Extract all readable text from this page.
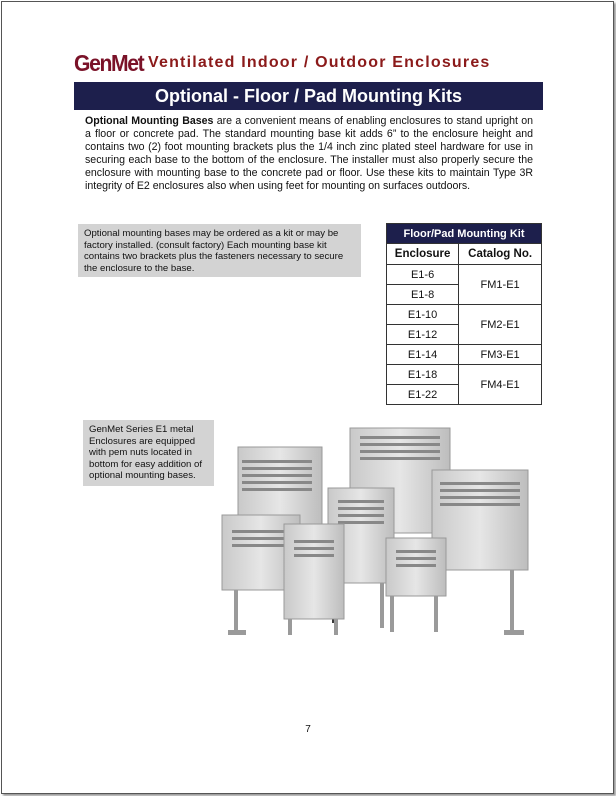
GenMet Ventilated Indoor / Outdoor Enclosures
Optional - Floor / Pad Mounting Kits
Optional Mounting Bases are a convenient means of enabling enclosures to stand upright on a floor or concrete pad. The standard mounting base kit adds 6” to the enclosure height and contains two (2) foot mounting brackets plus the 1/4 inch zinc plated steel hardware for use in securing each base to the bottom of the enclosure. The installer must also properly secure the enclosure with mounting base to the concrete pad or floor. Use these kits to maintain Type 3R integrity of E2 enclosures also when using feet for mounting on surfaces outdoors.
Optional mounting bases may be ordered as a kit or may be factory installed. (consult factory) Each mounting base kit contains two brackets plus the fasteners necessary to secure the enclosure to the base.
Floor/Pad Mounting Kit	
Enclosure	Catalog No.
E1-6	FM1-E1
E1-8	
E1-10	FM2-E1
E1-12	
E1-14	FM3-E1
E1-18	FM4-E1
E1-22	
GenMet Series E1 metal Enclosures are equipped with pem nuts located in bottom for easy addition of optional mounting bases.
7
